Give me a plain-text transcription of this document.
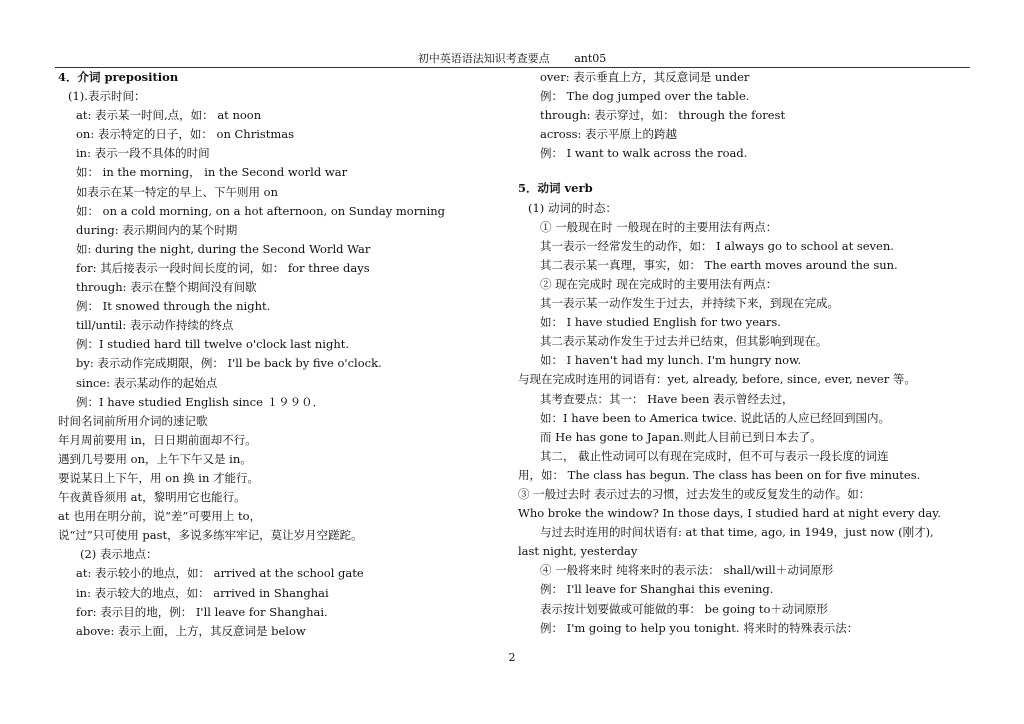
初中英语语法知识考查要点 ant05
4．介词 preposition
(1).表示时间：
at: 表示某一时间,点，如： at noon
on: 表示特定的日子，如： on Christmas
in: 表示一段不具体的时间
如： in the morning， in the Second world war
如表示在某一特定的早上、下午则用 on
如： on a cold morning, on a hot afternoon, on Sunday morning
during: 表示期间内的某个时期
如: during the night, during the Second World War
for: 其后接表示一段时间长度的词，如： for three days
through: 表示在整个期间没有间歇
例： It snowed through the night.
till/until: 表示动作持续的终点
例：I studied hard till twelve o'clock last night.
by: 表示动作完成期限，例： I'll be back by five o'clock.
since: 表示某动作的起始点
例：I have studied English since １９９０．
时间名词前所用介词的速记歌
年月周前要用 in，日日期前面却不行。
遇到几号要用 on，上午下午又是 in。
要说某日上下午，用 on 换 in 才能行。
午夜黄昏须用 at，黎明用它也能行。
at 也用在明分前，说“差”可要用上 to，
说“过”只可使用 past，多说多练牢牢记，莫让岁月空蹉跎。
(2) 表示地点：
at: 表示较小的地点，如： arrived at the school gate
in: 表示较大的地点，如： arrived in Shanghai
for: 表示目的地，例： I'll leave for Shanghai.
above: 表示上面，上方，其反意词是 below
over: 表示垂直上方，其反意词是 under
例： The dog jumped over the table.
through: 表示穿过，如： through the forest
across: 表示平原上的跨越
例： I want to walk across the road.
5．动词 verb
(1) 动词的时态：
① 一般现在时 一般现在时的主要用法有两点：
其一表示一经常发生的动作，如： I always go to school at seven.
其二表示某一真理，事实，如： The earth moves around the sun.
② 现在完成时 现在完成时的主要用法有两点：
其一表示某一动作发生于过去，并持续下来，到现在完成。
如： I have studied English for two years.
其二表示某动作发生于过去并已结束，但其影响到现在。
如： I haven't had my lunch. I'm hungry now.
与现在完成时连用的词语有：yet, already, before, since, ever, never 等。
其考查要点：其一： Have been 表示曾经去过，
如：I have been to America twice. 说此话的人应已经回到国内。
而 He has gone to Japan.则此人目前已到日本去了。
其二， 截止性动词可以有现在完成时，但不可与表示一段长度的词连
用，如： The class has begun. The class has been on for five minutes.
③ 一般过去时 表示过去的习惯，过去发生的或反复发生的动作。如：
Who broke the window? In those days, I studied hard at night every day.
与过去时连用的时间状语有: at that time, ago, in 1949，just now (刚才),
last night, yesterday
④ 一般将来时 纯将来时的表示法： shall/will＋动词原形
例： I'll leave for Shanghai this evening.
表示按计划要做或可能做的事： be going to＋动词原形
例： I'm going to help you tonight. 将来时的特殊表示法：
2
